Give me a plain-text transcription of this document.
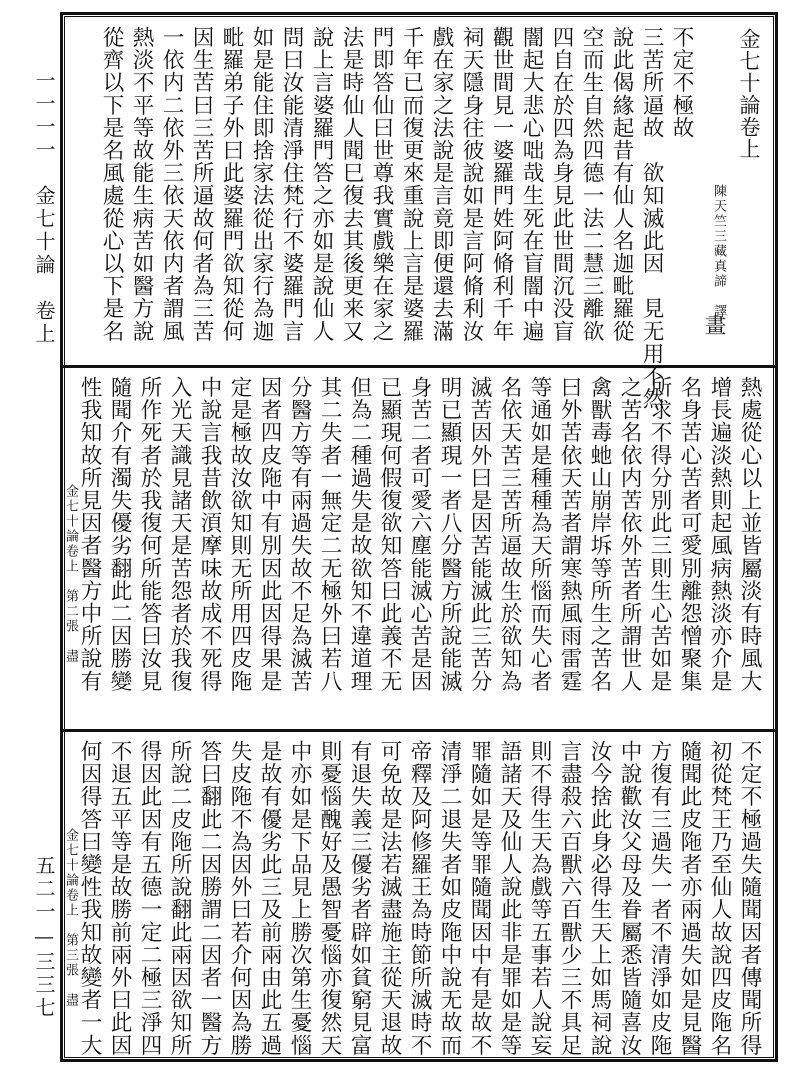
一一一一　金七十論　卷上
五二一—三三七
金七十論卷上
陳天竺三藏真諦　譯
畫
不定不極故
三苦所逼故　欲知滅此因　見无用不然
說此偈緣起昔有仙人名迦毗羅從
空而生自然四德一法二慧三離欲
四自在於四為身見此世間沉没盲
闇起大悲心咄哉生死在盲闇中遍
觀世間見一婆羅門姓阿脩利千年
祠天隱身往彼說如是言阿脩利汝
戲在家之法說是言竟即便還去滿
千年已而復更來重說上言是婆羅
門即答仙曰世尊我實戲樂在家之
法是時仙人聞巳復去其後更来又
說上言婆羅門答之亦如是說仙人
問曰汝能清淨住梵行不婆羅門言
如是能住即捨家法從出家行為迦
毗羅弟子外曰此婆羅門欲知從何
因生苦曰三苦所逼故何者為三苦
一依内二依外三依天依内者謂風
熱淡不平等故能生病苦如醫方說
從齊以下是名風處從心以下是名
熱處從心以上並皆屬淡有時風大
增長遍淡熱則起風病熱淡亦介是
名身苦心苦者可愛別離怨憎聚集
所求不得分別此三則生心苦如是
之苦名依内苦依外苦者所謂世人
禽獸毒虵山崩岸坼等所生之苦名
曰外苦依天苦者謂寒熱風雨雷霆
等通如是種種為天所惱而失心者
名依天苦三苦所逼故生於欲知為
滅苦因外曰是因苦能滅此三苦分
明已顯現一者八分醫方所說能滅
身苦二者可愛六塵能滅心苦是因
已顯現何假復欲知答曰此義不无
但為二種過失是故欲知不違道理
其二失者一無定二无極外曰若八
分醫方等有兩過失故不足為滅苦
因者四皮陁中有別因此因得果是
定是極故汝欲知則无所用四皮陁
中說言我昔飲湏摩味故成不死得
入光天識見諸天是苦怨者於我復
所作死者於我復何所能答曰汝見
隨聞介有濁失優劣翻此二因勝變
性我知故所見因者醫方中所說有
金七十論卷上　第二張　盡
不定不極過失隨聞因者傳聞所得
初從梵王乃至仙人故說四皮陁名
隨聞此皮陁者亦兩過失如是見醫
方復有三過失一者不清淨如皮陁
中說歡汝父母及眷屬悉皆隨喜汝
汝今捨此身必得生天上如馬祠說
言盡殺六百獸六百獸少三不具足
則不得生天為戲等五事若人說妄
語諸天及仙人說此非是罪如是等
罪隨如是等罪隨聞因中有是故不
清淨二退失者如皮陁中說无故而
帝釋及阿修羅王為時節所滅時不
可免故是法若滅盡施主從天退故
有退失義三優劣者辟如貧窮見富
則憂惱醜好及愚智憂惱亦復然天
中亦如是下品見上勝次第生憂惱
是故有優劣此三及前兩由此五過
失皮陁不為因外曰若介何因為勝
答曰翻此二因勝謂二因者一醫方
所說二皮陁所說翻此兩因欲知所
得因此因有五德一定二極三淨四
不退五平等是故勝前兩外曰此因
何因得答曰變性我知故變者一大
金七十論卷上　第三張　盡
